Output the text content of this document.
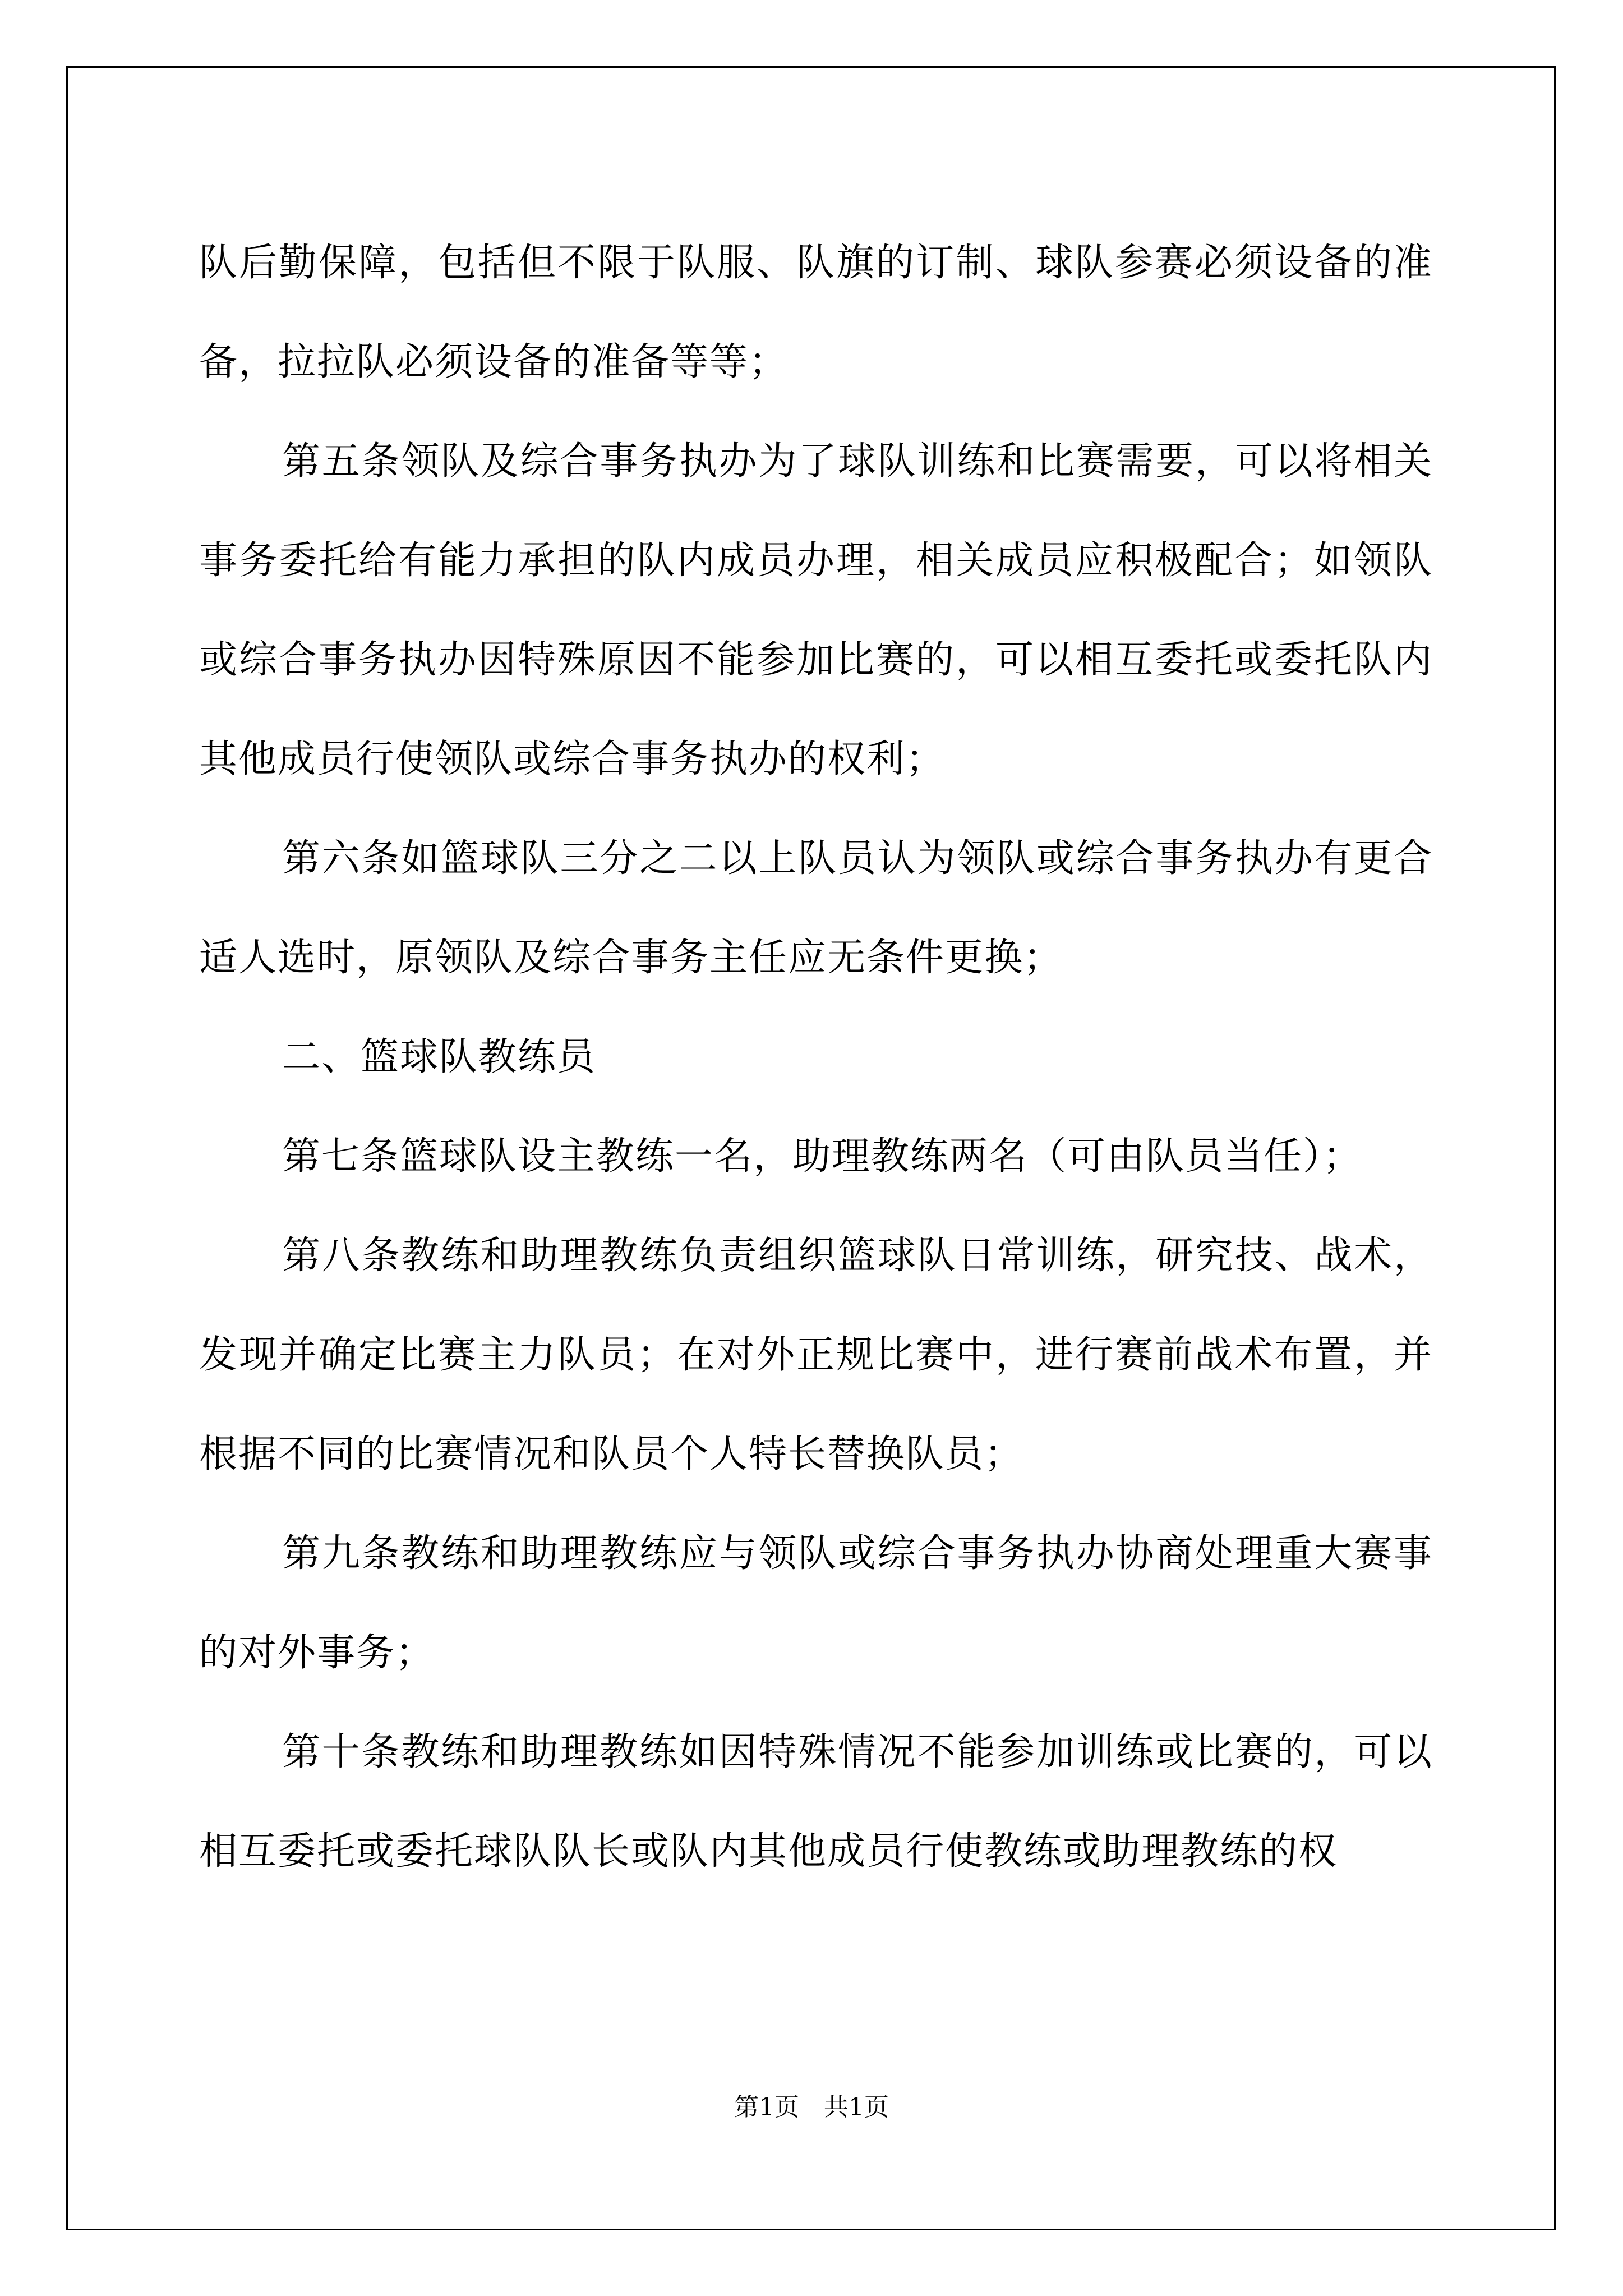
队后勤保障，包括但不限于队服、队旗的订制、球队参赛必须设备的准备，拉拉队必须设备的准备等等；

第五条领队及综合事务执办为了球队训练和比赛需要，可以将相关事务委托给有能力承担的队内成员办理，相关成员应积极配合；如领队或综合事务执办因特殊原因不能参加比赛的，可以相互委托或委托队内其他成员行使领队或综合事务执办的权利；

第六条如篮球队三分之二以上队员认为领队或综合事务执办有更合适人选时，原领队及综合事务主任应无条件更换；

二、篮球队教练员

第七条篮球队设主教练一名，助理教练两名（可由队员当任）；

第八条教练和助理教练负责组织篮球队日常训练，研究技、战术，发现并确定比赛主力队员；在对外正规比赛中，进行赛前战术布置，并根据不同的比赛情况和队员个人特长替换队员；

第九条教练和助理教练应与领队或综合事务执办协商处理重大赛事的对外事务；

第十条教练和助理教练如因特殊情况不能参加训练或比赛的，可以相互委托或委托球队队长或队内其他成员行使教练或助理教练的权

第1页　共1页
